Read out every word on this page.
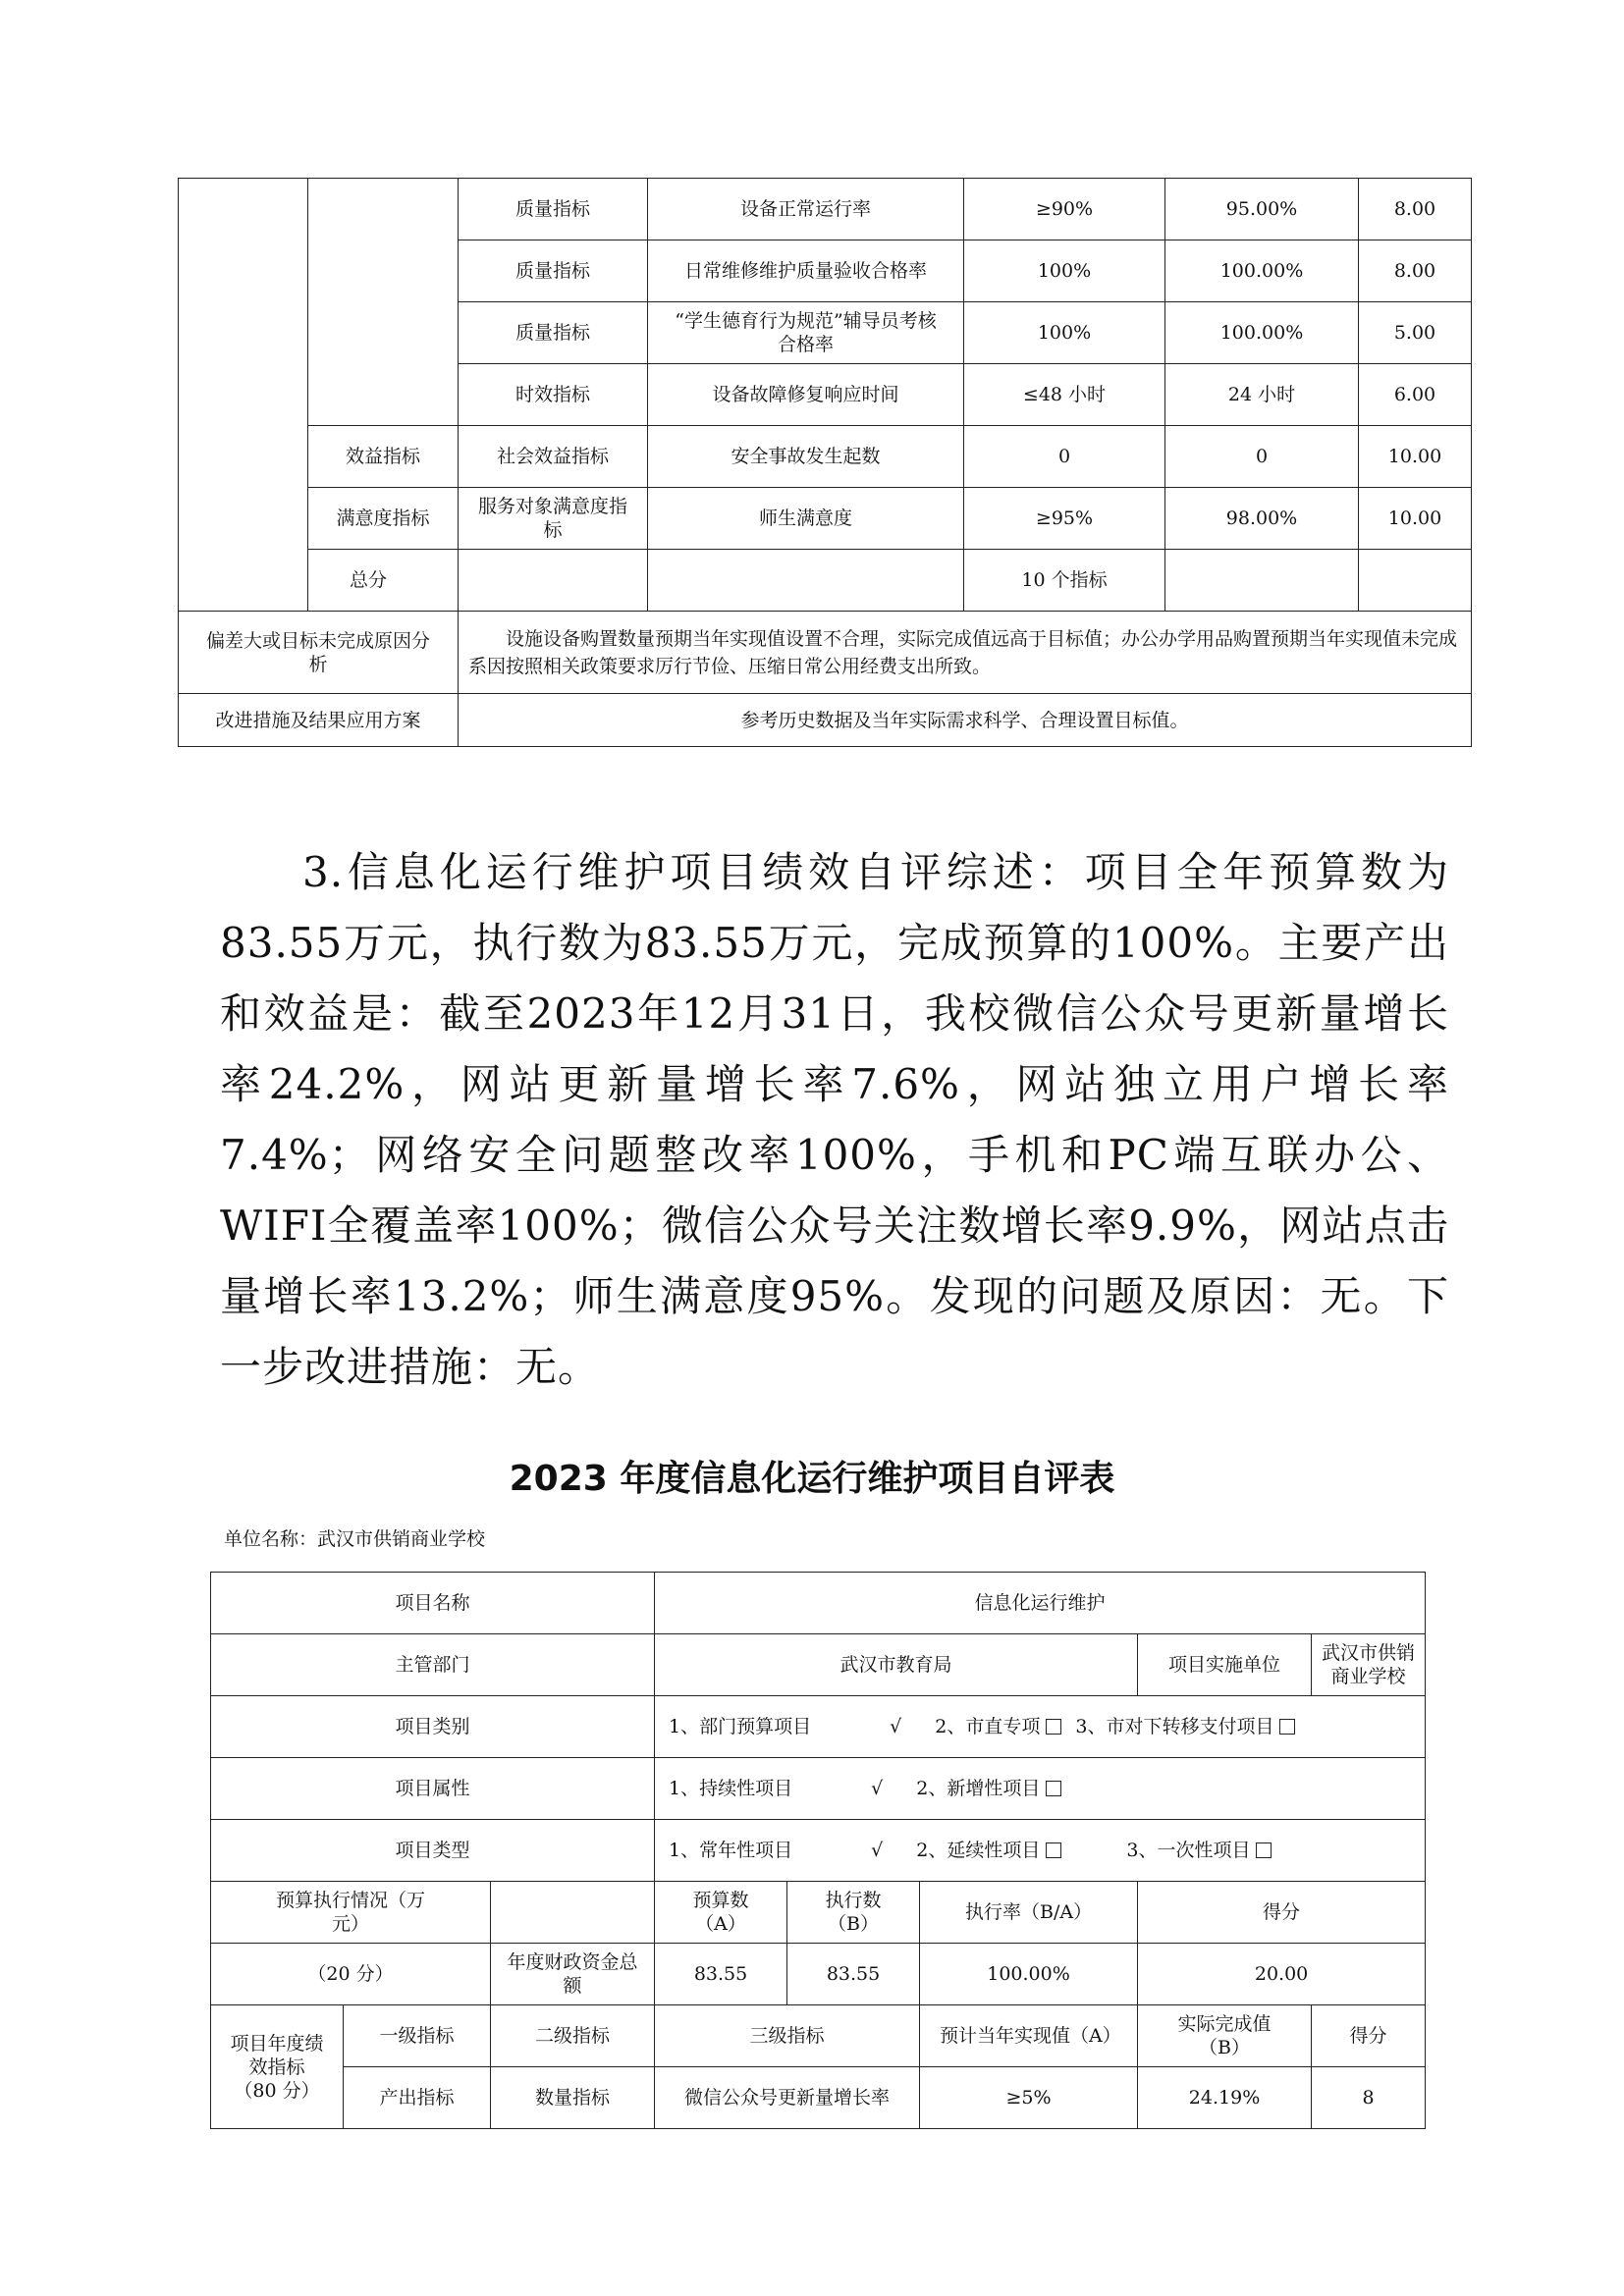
		质量指标	设备正常运行率	≥90%	95.00%	8.00	
		质量指标	日常维修维护质量验收合格率	100%	100.00%	8.00	
		质量指标	“学生德育行为规范”辅导员考核合格率	100%	100.00%	5.00	
		时效指标	设备故障修复响应时间	≤48 小时	24 小时	6.00	
	效益指标	社会效益指标	安全事故发生起数	0	0	10.00	
	满意度指标	服务对象满意度指标	师生满意度	≥95%	98.00%	10.00	
	总分			10 个指标			
偏差大或目标未完成原因分析		设施设备购置数量预期当年实现值设置不合理，实际完成值远高于目标值；办公办学用品购置预期当年实现值未完成系因按照相关政策要求厉行节俭、压缩日常公用经费支出所致。					
改进措施及结果应用方案		参考历史数据及当年实际需求科学、合理设置目标值。					

3.信息化运行维护项目绩效自评综述：项目全年预算数为83.55万元，执行数为83.55万元，完成预算的100%。主要产出和效益是：截至2023年12月31日，我校微信公众号更新量增长率24.2%，网站更新量增长率7.6%，网站独立用户增长率7.4%；网络安全问题整改率100%，手机和PC端互联办公、WIFI全覆盖率100%；微信公众号关注数增长率9.9%，网站点击量增长率13.2%；师生满意度95%。发现的问题及原因：无。下一步改进措施：无。

2023 年度信息化运行维护项目自评表
单位名称：武汉市供销商业学校
项目名称			信息化运行维护				
主管部门			武汉市教育局			项目实施单位	武汉市供销商业学校
项目类别			1、部门预算项目 √ 2、市直专项 3、市对下转移支付项目				
项目属性			1、持续性项目 √ 2、新增性项目				
项目类型			1、常年性项目 √ 2、延续性项目 3、一次性项目				
预算执行情况（万元）			预算数（A）	执行数（B）	执行率（B/A）	得分	
（20 分）		年度财政资金总额	83.55	83.55	100.00%	20.00	
项目年度绩效指标（80 分）	一级指标	二级指标	三级指标		预计当年实现值（A）	实际完成值（B）	得分
	产出指标	数量指标	微信公众号更新量增长率		≥5%	24.19%	8
